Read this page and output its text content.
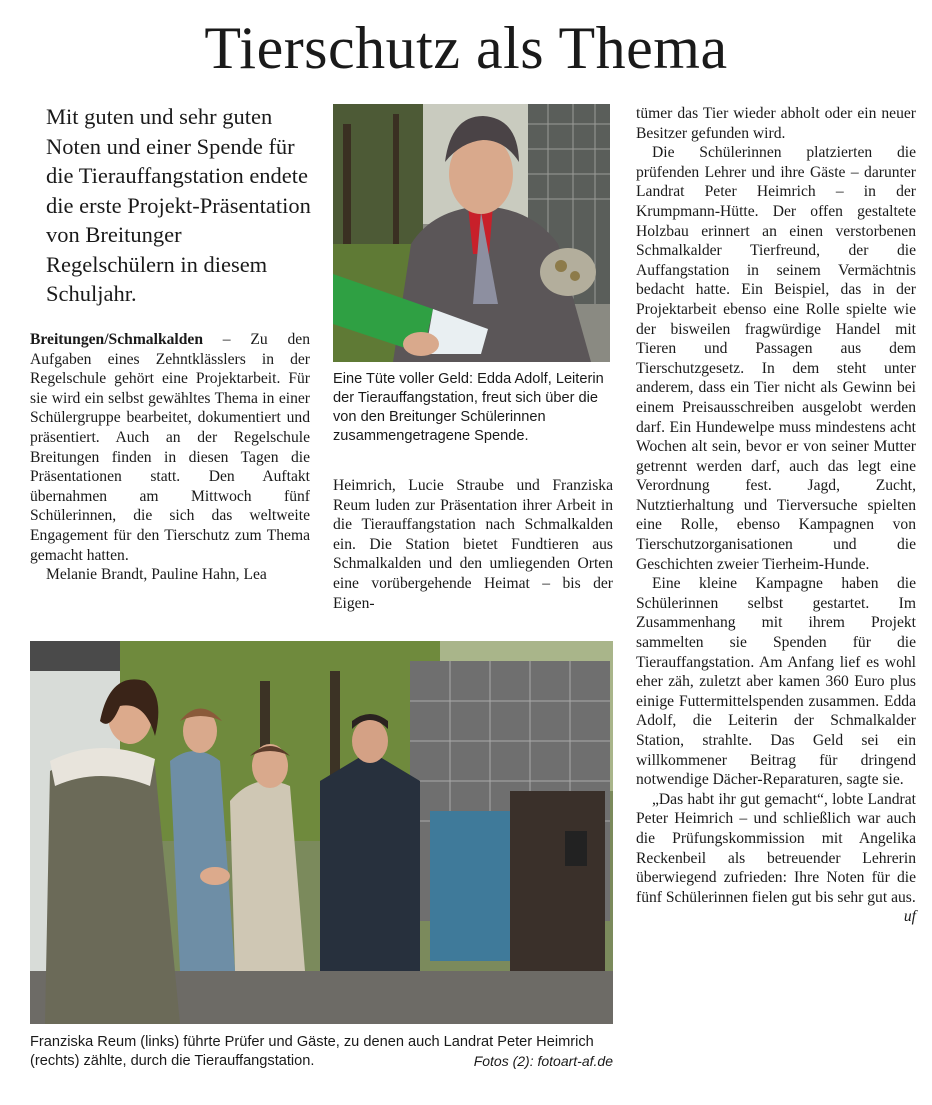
Tierschutz als Thema

Mit guten und sehr guten Noten und einer Spende für die Tierauffangstation endete die erste Projekt-Präsentation von Breitunger Regelschülern in diesem Schuljahr.

Breitungen/Schmalkalden – Zu den Aufgaben eines Zehntklässlers in der Regelschule gehört eine Projektarbeit. Für sie wird ein selbst gewähltes Thema in einer Schülergruppe bearbeitet, dokumentiert und präsentiert. Auch an der Regelschule Breitungen finden in diesen Tagen die Präsentationen statt. Den Auftakt übernahmen am Mittwoch fünf Schülerinnen, die sich das weltweite Engagement für den Tierschutz zum Thema gemacht hatten.

Melanie Brandt, Pauline Hahn, Lea

Eine Tüte voller Geld: Edda Adolf, Leiterin der Tierauffangstation, freut sich über die von den Breitunger Schülerinnen zusammengetragene Spende.

Heimrich, Lucie Straube und Franziska Reum luden zur Präsentation ihrer Arbeit in die Tierauffangstation nach Schmalkalden ein. Die Station bietet Fundtieren aus Schmalkalden und den umliegenden Orten eine vorübergehende Heimat – bis der Eigen-

tümer das Tier wieder abholt oder ein neuer Besitzer gefunden wird.

Die Schülerinnen platzierten die prüfenden Lehrer und ihre Gäste – darunter Landrat Peter Heimrich – in der Krumpmann-Hütte. Der offen gestaltete Holzbau erinnert an einen verstorbenen Schmalkalder Tierfreund, der die Auffangstation in seinem Vermächtnis bedacht hatte. Ein Beispiel, das in der Projektarbeit ebenso eine Rolle spielte wie der bisweilen fragwürdige Handel mit Tieren und Passagen aus dem Tierschutzgesetz. In dem steht unter anderem, dass ein Tier nicht als Gewinn bei einem Preisausschreiben ausgelobt werden darf. Ein Hundewelpe muss mindestens acht Wochen alt sein, bevor er von seiner Mutter getrennt werden darf, auch das legt eine Verordnung fest. Jagd, Zucht, Nutztierhaltung und Tierversuche spielten eine Rolle, ebenso Kampagnen von Tierschutzorganisationen und die Geschichten zweier Tierheim-Hunde.

Eine kleine Kampagne haben die Schülerinnen selbst gestartet. Im Zusammenhang mit ihrem Projekt sammelten sie Spenden für die Tierauffangstation. Am Anfang lief es wohl eher zäh, zuletzt aber kamen 360 Euro plus einige Futtermittelspenden zusammen. Edda Adolf, die Leiterin der Schmalkalder Station, strahlte. Das Geld sei ein willkommener Beitrag für dringend notwendige Dächer-Reparaturen, sagte sie.

„Das habt ihr gut gemacht“, lobte Landrat Peter Heimrich – und schließlich war auch die Prüfungskommission mit Angelika Reckenbeil als betreuender Lehrerin überwiegend zufrieden: Ihre Noten für die fünf Schülerinnen fielen gut bis sehr gut aus.
uf

Franziska Reum (links) führte Prüfer und Gäste, zu denen auch Landrat Peter Heimrich (rechts) zählte, durch die Tierauffangstation.	Fotos (2): fotoart-af.de
